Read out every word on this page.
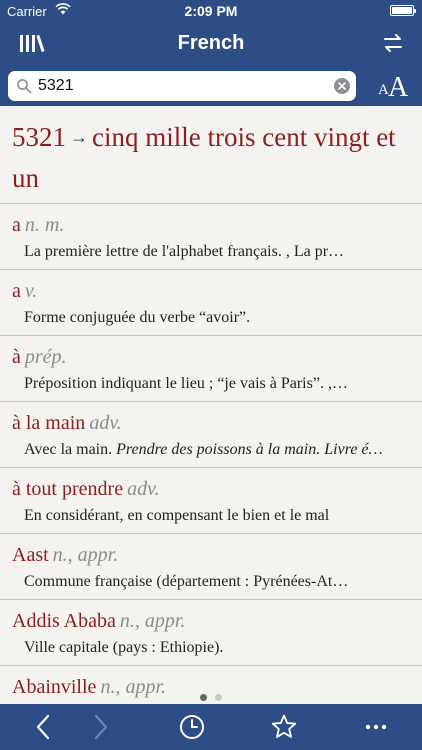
Carrier	2:09 PM
French
5321
A A
5321 → cinq mille trois cent vingt et un
a n. m.
La première lettre de l'alphabet français. , La pr…
a v.
Forme conjuguée du verbe “avoir”.
à prép.
Préposition indiquant le lieu ; “je vais à Paris”. ,…
à la main adv.
Avec la main. Prendre des poissons à la main. Livre é…
à tout prendre adv.
En considérant, en compensant le bien et le mal
Aast n., appr.
Commune française (département : Pyrénées-At…
Addis Ababa n., appr.
Ville capitale (pays : Ethiopie).
Abainville n., appr.
